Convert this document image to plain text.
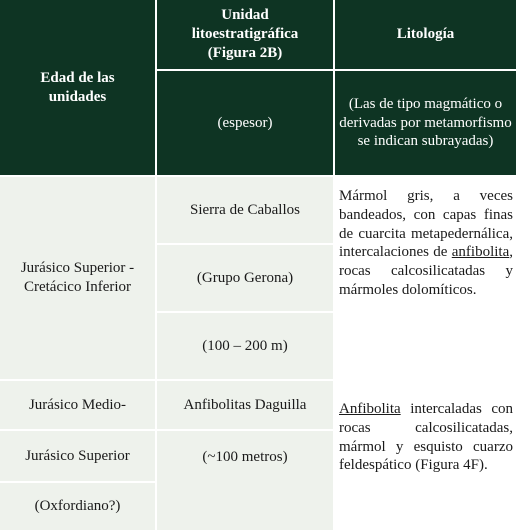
Edad de las unidades
Unidad litoestratigráfica (Figura 2B)
(espesor)
Litología
(Las de tipo magmático o derivadas por metamorfismo se indican subrayadas)
Jurásico Superior - Cretácico Inferior
Sierra de Caballos
(Grupo Gerona)
(100 – 200 m)
Mármol gris, a veces bandeados, con capas finas de cuarcita metapedernálica, intercalaciones de anfibolita, rocas calcosilicatadas y mármoles dolomíticos.
Jurásico Medio-
Jurásico Superior
(Oxfordiano?)
Anfibolitas Daguilla
(~100 metros)
Anfibolita intercaladas con rocas calcosilicatadas, mármol y esquisto cuarzo feldespático (Figura 4F).
